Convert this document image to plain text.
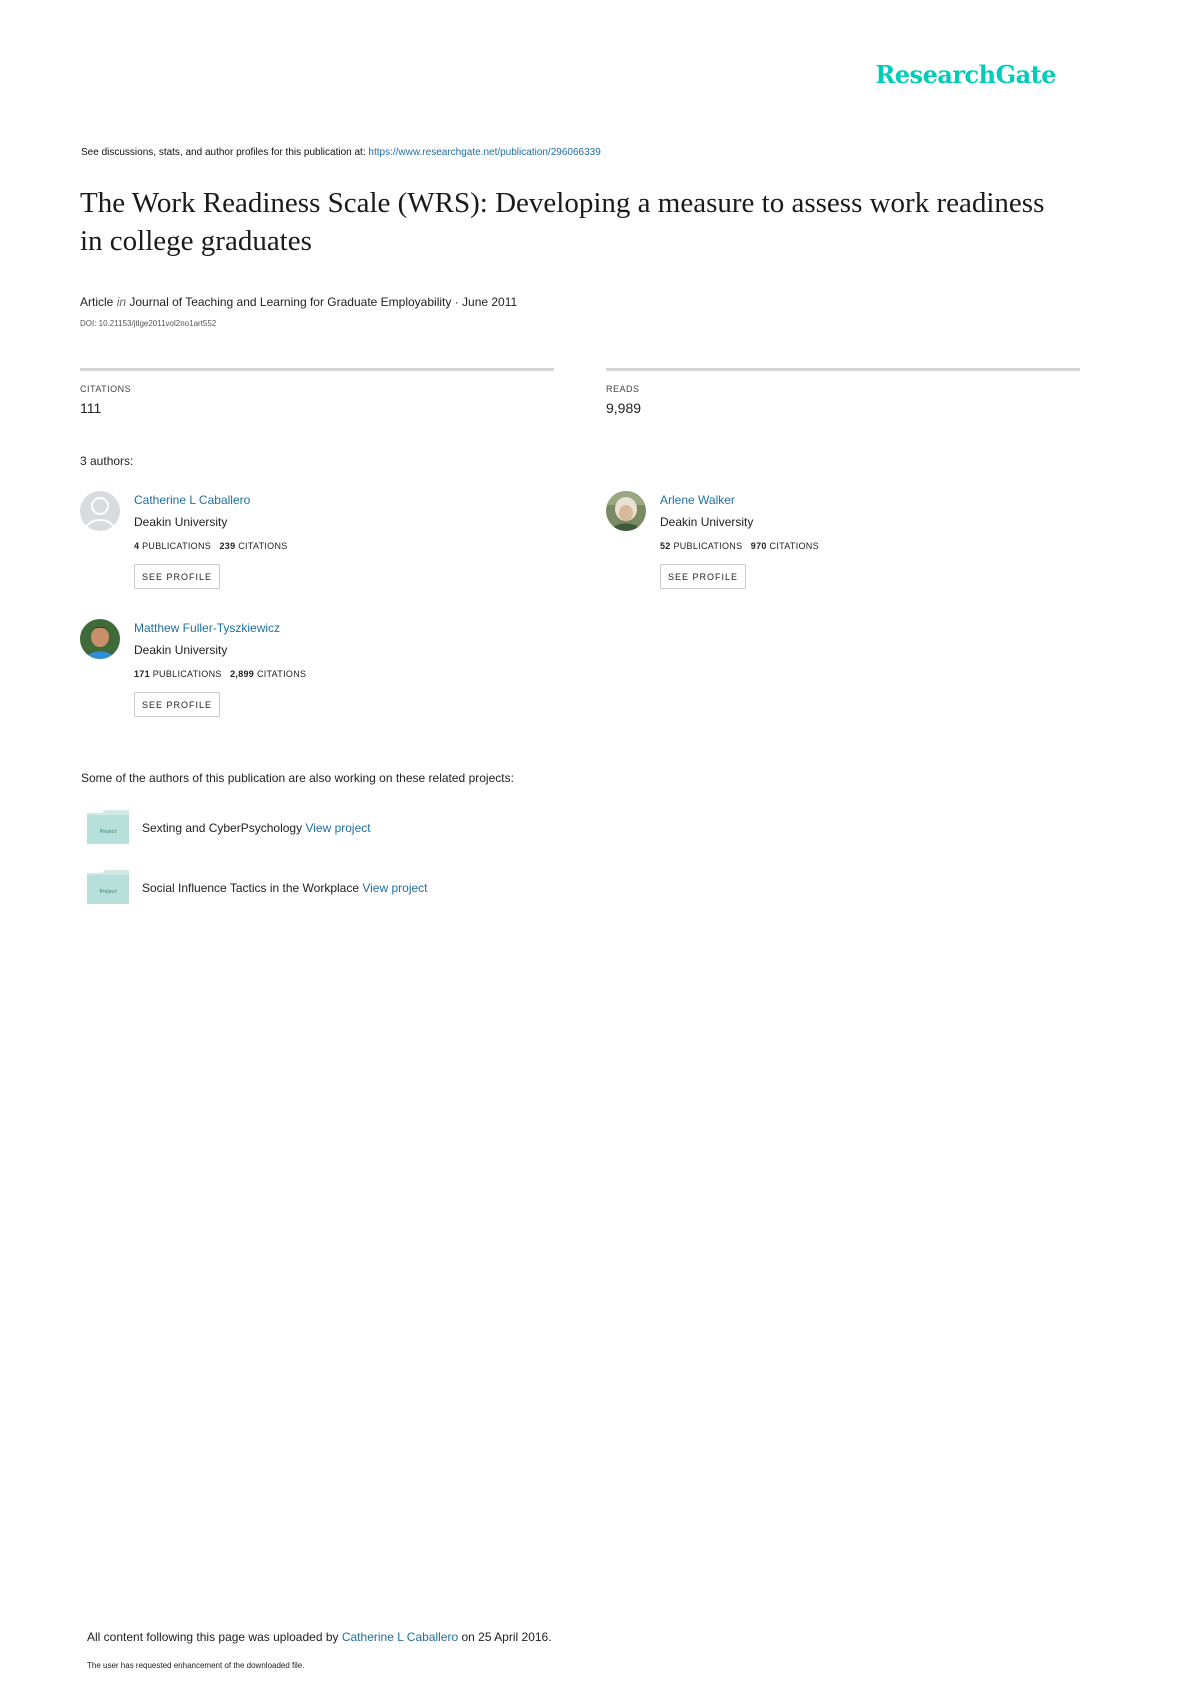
ResearchGate
See discussions, stats, and author profiles for this publication at: https://www.researchgate.net/publication/296066339
The Work Readiness Scale (WRS): Developing a measure to assess work readiness in college graduates
Article in Journal of Teaching and Learning for Graduate Employability · June 2011
DOI: 10.21153/jtlge2011vol2no1art552
CITATIONS
111
READS
9,989
3 authors:
Catherine L Caballero
Deakin University
4 PUBLICATIONS 239 CITATIONS
SEE PROFILE
Arlene Walker
Deakin University
52 PUBLICATIONS 970 CITATIONS
SEE PROFILE
Matthew Fuller-Tyszkiewicz
Deakin University
171 PUBLICATIONS 2,899 CITATIONS
SEE PROFILE
Some of the authors of this publication are also working on these related projects:
Project Sexting and CyberPsychology View project
Project Social Influence Tactics in the Workplace View project
All content following this page was uploaded by Catherine L Caballero on 25 April 2016.
The user has requested enhancement of the downloaded file.
